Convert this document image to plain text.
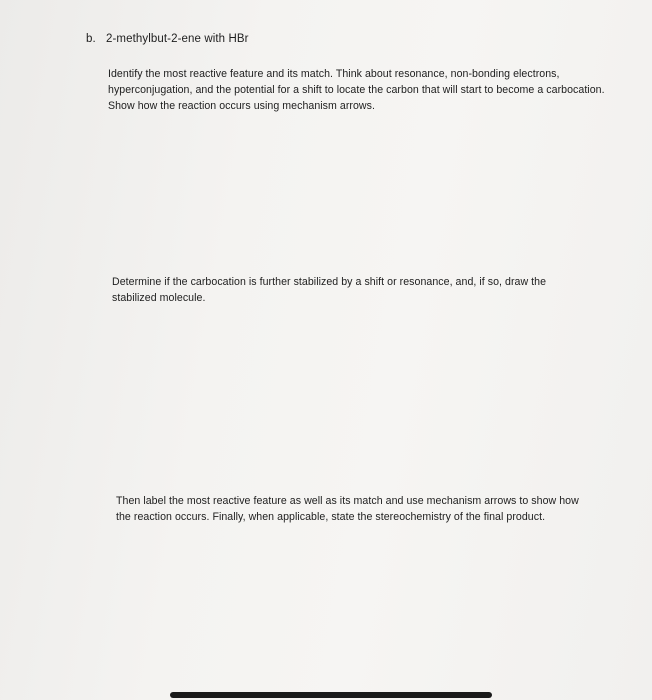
b. 2-methylbut-2-ene with HBr

Identify the most reactive feature and its match. Think about resonance, non-bonding electrons, hyperconjugation, and the potential for a shift to locate the carbon that will start to become a carbocation. Show how the reaction occurs using mechanism arrows.

Determine if the carbocation is further stabilized by a shift or resonance, and, if so, draw the stabilized molecule.

Then label the most reactive feature as well as its match and use mechanism arrows to show how the reaction occurs. Finally, when applicable, state the stereochemistry of the final product.
